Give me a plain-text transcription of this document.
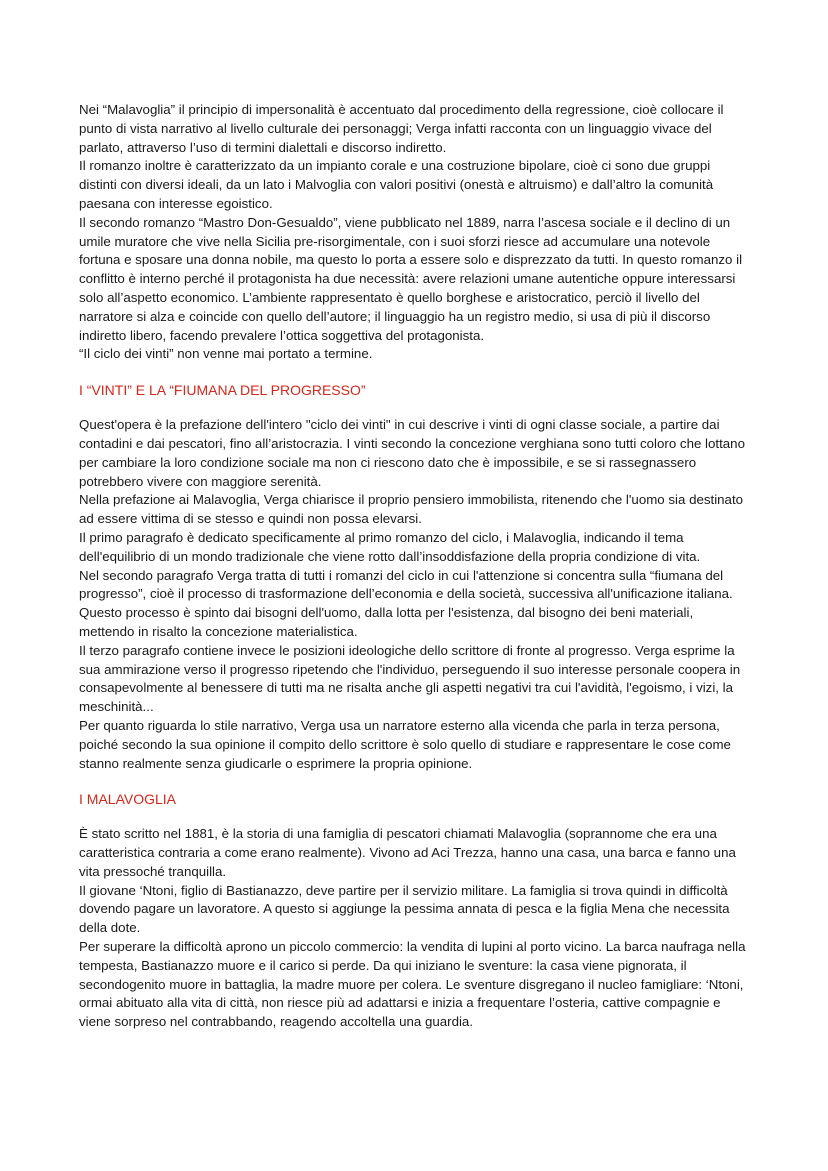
Nei “Malavoglia” il principio di impersonalità è accentuato dal procedimento della regressione, cioè collocare il punto di vista narrativo al livello culturale dei personaggi; Verga infatti racconta con un linguaggio vivace del parlato, attraverso l’uso di termini dialettali e discorso indiretto.

Il romanzo inoltre è caratterizzato da un impianto corale e una costruzione bipolare, cioè ci sono due gruppi distinti con diversi ideali, da un lato i Malvoglia con valori positivi (onestà e altruismo) e dall’altro la comunità paesana con interesse egoistico.

Il secondo romanzo “Mastro Don-Gesualdo”, viene pubblicato nel 1889, narra l’ascesa sociale e il declino di un umile muratore che vive nella Sicilia pre-risorgimentale, con i suoi sforzi riesce ad accumulare una notevole fortuna e sposare una donna nobile, ma questo lo porta a essere solo e disprezzato da tutti. In questo romanzo il conflitto è interno perché il protagonista ha due necessità: avere relazioni umane autentiche oppure interessarsi solo all’aspetto economico. L’ambiente rappresentato è quello borghese e aristocratico, perciò il livello del narratore si alza e coincide con quello dell’autore; il linguaggio ha un registro medio, si usa di più il discorso indiretto libero, facendo prevalere l’ottica soggettiva del protagonista.

“Il ciclo dei vinti” non venne mai portato a termine.

I “VINTI” E LA “FIUMANA DEL PROGRESSO”

Quest'opera è la prefazione dell'intero "ciclo dei vinti" in cui descrive i vinti di ogni classe sociale, a partire dai contadini e dai pescatori, fino all’aristocrazia. I vinti secondo la concezione verghiana sono tutti coloro che lottano per cambiare la loro condizione sociale ma non ci riescono dato che è impossibile, e se si rassegnassero potrebbero vivere con maggiore serenità.

Nella prefazione ai Malavoglia, Verga chiarisce il proprio pensiero immobilista, ritenendo che l'uomo sia destinato ad essere vittima di se stesso e quindi non possa elevarsi.

Il primo paragrafo è dedicato specificamente al primo romanzo del ciclo, i Malavoglia, indicando il tema dell'equilibrio di un mondo tradizionale che viene rotto dall’insoddisfazione della propria condizione di vita.

Nel secondo paragrafo Verga tratta di tutti i romanzi del ciclo in cui l'attenzione si concentra sulla “fiumana del progresso”, cioè il processo di trasformazione dell’economia e della società, successiva all'unificazione italiana. Questo processo è spinto dai bisogni dell'uomo, dalla lotta per l'esistenza, dal bisogno dei beni materiali, mettendo in risalto la concezione materialistica.

Il terzo paragrafo contiene invece le posizioni ideologiche dello scrittore di fronte al progresso. Verga esprime la sua ammirazione verso il progresso ripetendo che l'individuo, perseguendo il suo interesse personale coopera in consapevolmente al benessere di tutti ma ne risalta anche gli aspetti negativi tra cui l'avidità, l'egoismo, i vizi, la meschinità...

Per quanto riguarda lo stile narrativo, Verga usa un narratore esterno alla vicenda che parla in terza persona, poiché secondo la sua opinione il compito dello scrittore è solo quello di studiare e rappresentare le cose come stanno realmente senza giudicarle o esprimere la propria opinione.

I MALAVOGLIA

È stato scritto nel 1881, è la storia di una famiglia di pescatori chiamati Malavoglia (soprannome che era una caratteristica contraria a come erano realmente). Vivono ad Aci Trezza, hanno una casa, una barca e fanno una vita pressoché tranquilla.

Il giovane ‘Ntoni, figlio di Bastianazzo, deve partire per il servizio militare. La famiglia si trova quindi in difficoltà dovendo pagare un lavoratore. A questo si aggiunge la pessima annata di pesca e la figlia Mena che necessita della dote.

Per superare la difficoltà aprono un piccolo commercio: la vendita di lupini al porto vicino. La barca naufraga nella tempesta, Bastianazzo muore e il carico si perde. Da qui iniziano le sventure: la casa viene pignorata, il secondogenito muore in battaglia, la madre muore per colera. Le sventure disgregano il nucleo famigliare: ‘Ntoni, ormai abituato alla vita di città, non riesce più ad adattarsi e inizia a frequentare l’osteria, cattive compagnie e viene sorpreso nel contrabbando, reagendo accoltella una guardia.
